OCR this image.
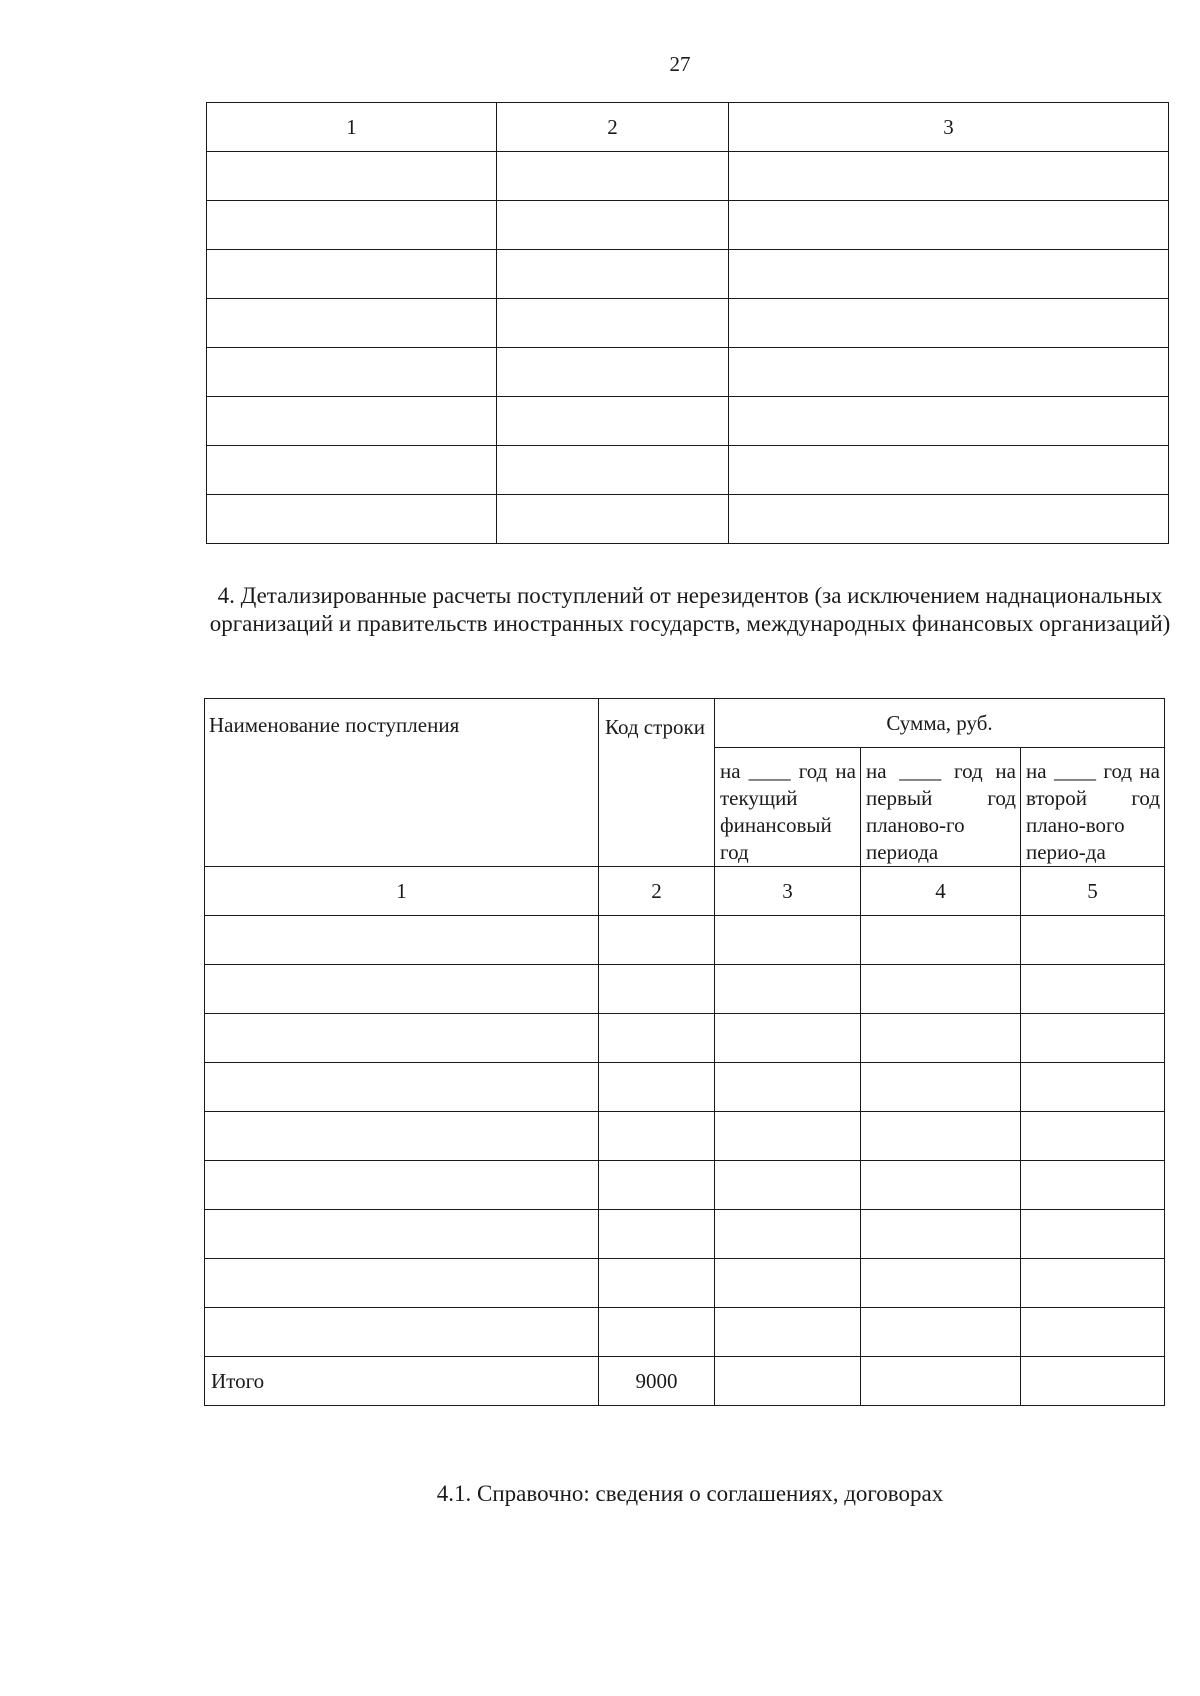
27
1	2	3

4. Детализированные расчеты поступлений от нерезидентов (за исключением наднациональных организаций и правительств иностранных государств, международных финансовых организаций)
Наименование поступления	Код строки	Сумма, руб.		
		на ____ год на текущий финансовый год	на ____ год на первый год планово-го периода	на ____ год на второй год плано-вого перио-да
1	2	3	4	5

Итого	9000			
4.1. Справочно: сведения о соглашениях, договорах
